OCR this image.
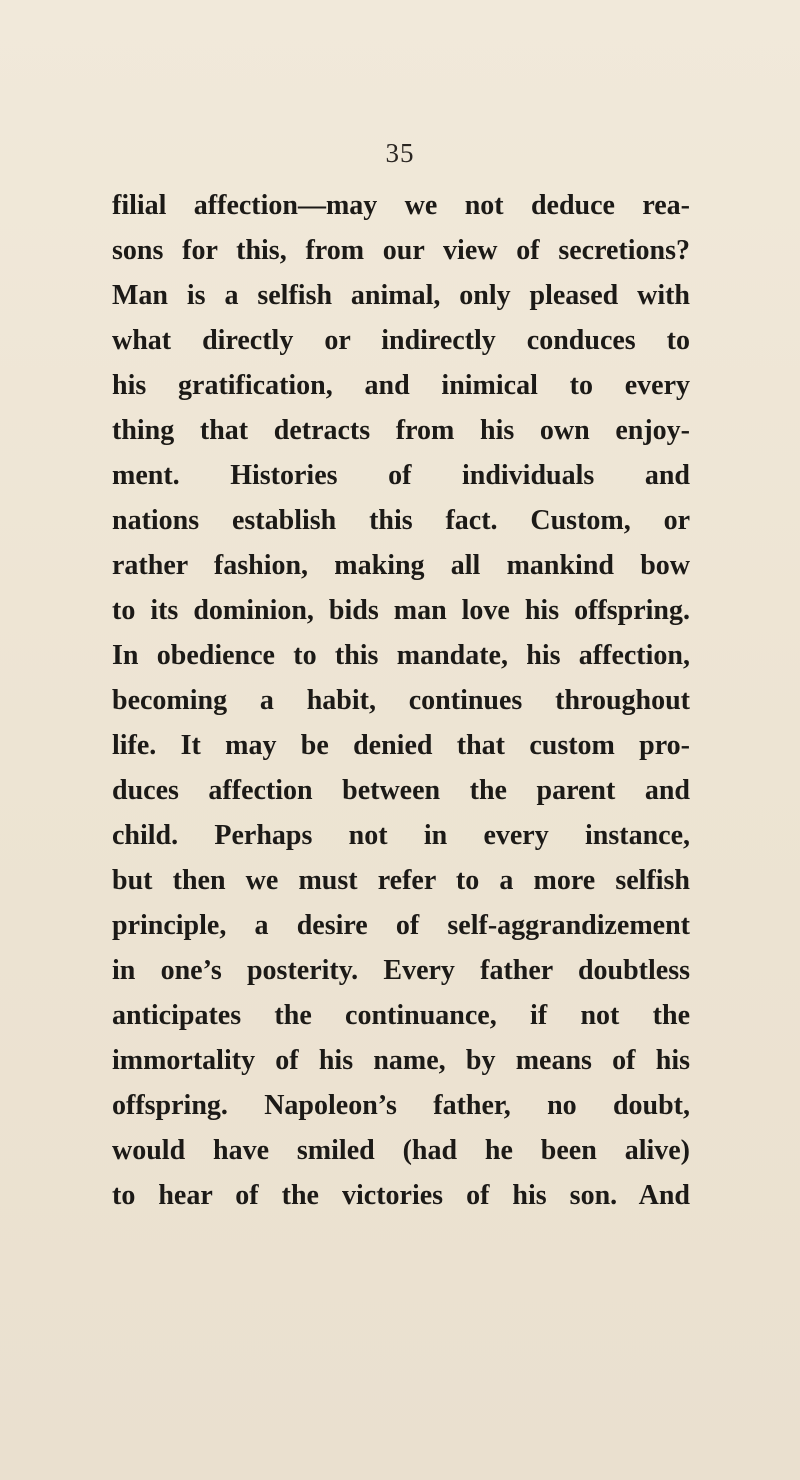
35
filial affection—may we not deduce rea-
sons for this, from our view of secretions?
Man is a selfish animal, only pleased with
what directly or indirectly conduces to
his gratification, and inimical to every
thing that detracts from his own enjoy-
ment. Histories of individuals and
nations establish this fact. Custom, or
rather fashion, making all mankind bow
to its dominion, bids man love his offspring.
In obedience to this mandate, his affection,
becoming a habit, continues throughout
life. It may be denied that custom pro-
duces affection between the parent and
child. Perhaps not in every instance,
but then we must refer to a more selfish
principle, a desire of self-aggrandizement
in one’s posterity. Every father doubtless
anticipates the continuance, if not the
immortality of his name, by means of his
offspring. Napoleon’s father, no doubt,
would have smiled (had he been alive)
to hear of the victories of his son. And
